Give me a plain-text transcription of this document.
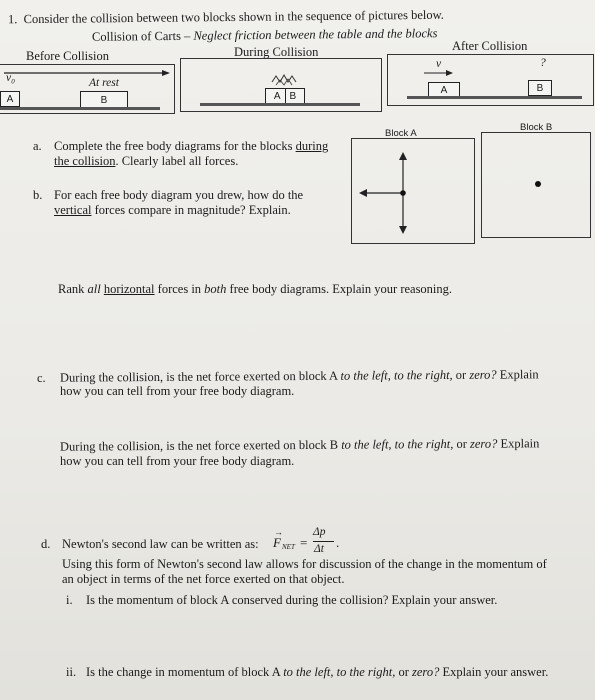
1. Consider the collision between two blocks shown in the sequence of pictures below.
Collision of Carts – Neglect friction between the table and the blocks
Before Collision	During Collision	After Collision
v₀	At rest
A	B	A B
v	?
A	B
Block A
Block B
a. Complete the free body diagrams for the blocks during
the collision. Clearly label all forces.
b. For each free body diagram you drew, how do the
vertical forces compare in magnitude? Explain.
Rank all horizontal forces in both free body diagrams. Explain your reasoning.
c. During the collision, is the net force exerted on block A to the left, to the right, or zero? Explain
how you can tell from your free body diagram.
During the collision, is the net force exerted on block B to the left, to the right, or zero? Explain
how you can tell from your free body diagram.
d. Newton's second law can be written as: F
→
NET =
Δp
Δt .
Using this form of Newton's second law allows for discussion of the change in the momentum of
an object in terms of the net force exerted on that object.
i. Is the momentum of block A conserved during the collision? Explain your answer.
ii. Is the change in momentum of block A to the left, to the right, or zero? Explain your answer.
